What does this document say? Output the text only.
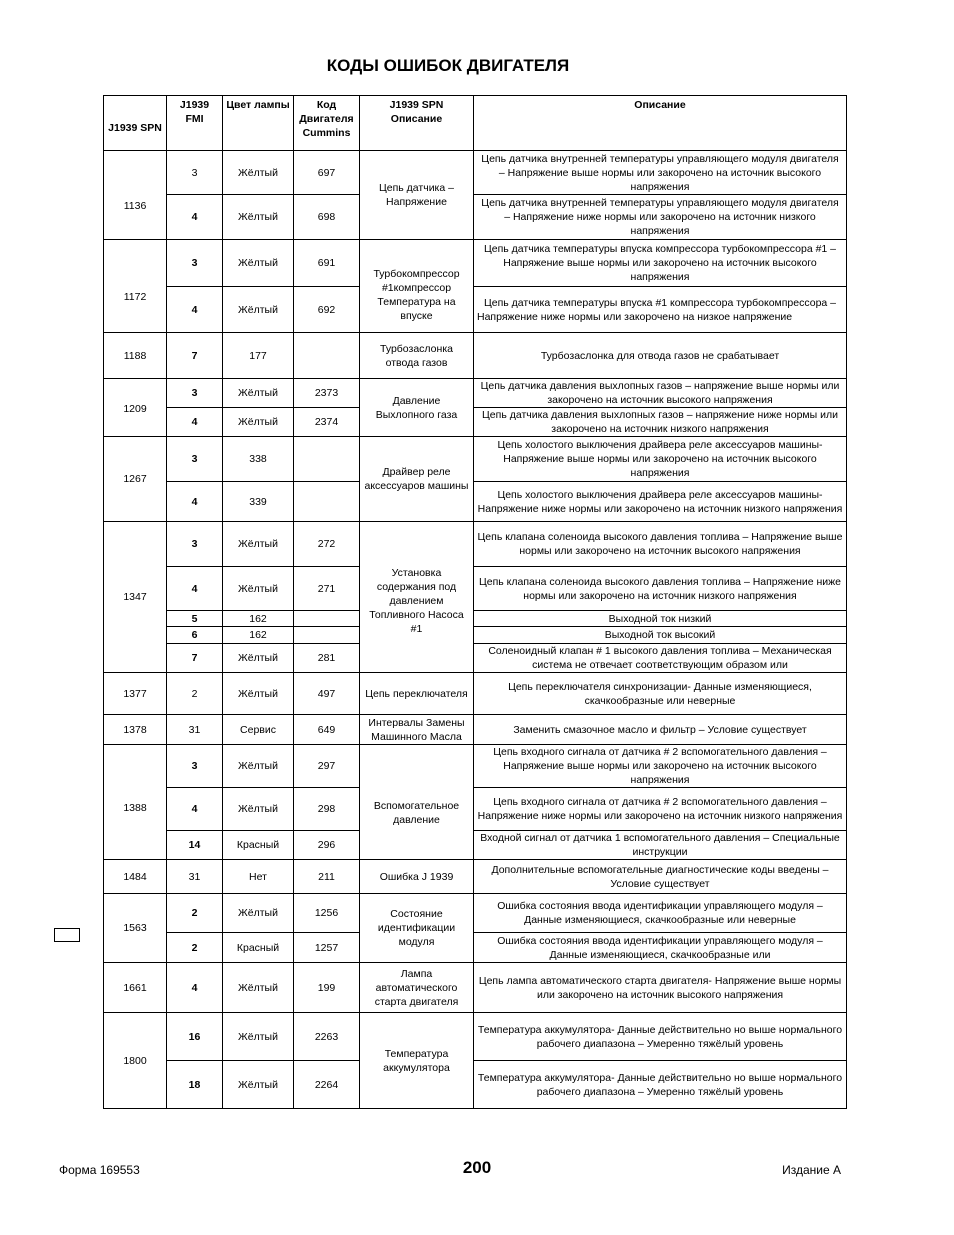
КОДЫ ОШИБОК ДВИГАТЕЛЯ
J1939 SPN	J1939 FMI	Цвет лампы	Код Двигателя Cummins	J1939 SPN Описание	Описание
1136	3	Жёлтый	697	Цепь датчика – Напряжение	Цепь датчика внутренней температуры управляющего модуля двигателя – Напряжение выше нормы или закорочено на источник высокого напряжения
	4	Жёлтый	698		Цепь датчика внутренней температуры управляющего модуля двигателя – Напряжение ниже нормы или закорочено на источник низкого напряжения
1172	3	Жёлтый	691	Турбокомпрессор #1компрессор Температура на впуске	Цепь датчика температуры впуска компрессора турбокомпрессора #1 –Напряжение выше нормы или закорочено на источник высокого напряжения
	4	Жёлтый	692		Цепь датчика температуры впуска #1 компрессора турбокомпрессора – Напряжение ниже нормы или закорочено на низкое напряжение
1188	7	177		Турбозаслонка отвода газов	Турбозаслонка для отвода газов не срабатывает
1209	3	Жёлтый	2373	Давление Выхлопного газа	Цепь датчика давления выхлопных газов – напряжение выше нормы или закорочено на источник высокого напряжения
	4	Жёлтый	2374		Цепь датчика давления выхлопных газов – напряжение ниже нормы или закорочено на источник низкого напряжения
1267	3	338		Драйвер реле аксессуаров машины	Цепь холостого выключения драйвера реле аксессуаров машины- Напряжение выше нормы или закорочено на источник высокого напряжения
	4	339			Цепь холостого выключения драйвера реле аксессуаров машины- Напряжение ниже нормы или закорочено на источник низкого напряжения
1347	3	Жёлтый	272	Установка содержания под давлением Топливного Насоса #1	Цепь клапана соленоида высокого давления топлива – Напряжение выше нормы или закорочено на источник высокого напряжения
	4	Жёлтый	271		Цепь клапана соленоида высокого давления топлива – Напряжение ниже нормы или закорочено на источник низкого напряжения
	5	162			Выходной ток низкий
	6	162			Выходной ток высокий
	7	Жёлтый	281		Соленоидный клапан # 1 высокого давления топлива – Механическая система не отвечает соответствующим образом или
1377	2	Жёлтый	497	Цепь переключателя	Цепь переключателя синхронизации- Данные изменяющиеся, скачкообразные или неверные
1378	31	Сервис	649	Интервалы Замены Машинного Масла	Заменить смазочное масло и фильтр – Условие существует
1388	3	Жёлтый	297	Вспомогательное давление	Цепь входного сигнала от датчика # 2 вспомогательного давления – Напряжение выше нормы или закорочено на источник высокого напряжения
	4	Жёлтый	298		Цепь входного сигнала от датчика # 2 вспомогательного давления – Напряжение ниже нормы или закорочено на источник низкого напряжения
	14	Красный	296		Входной сигнал от датчика 1 вспомогательного давления – Специальные инструкции
1484	31	Нет	211	Ошибка J 1939	Дополнительные вспомогательные диагностические коды введены – Условие существует
1563	2	Жёлтый	1256	Состояние идентификации модуля	Ошибка состояния ввода идентификации управляющего модуля – Данные изменяющиеся, скачкообразные или неверные
	2	Красный	1257		Ошибка состояния ввода идентификации управляющего модуля – Данные изменяющиеся, скачкообразные или
1661	4	Жёлтый	199	Лампа автоматического старта двигателя	Цепь лампа автоматического старта двигателя- Напряжение выше нормы или закорочено на источник высокого напряжения
1800	16	Жёлтый	2263	Температура аккумулятора	Температура аккумулятора- Данные действительно но выше нормального рабочего диапазона – Умеренно тяжёлый уровень
	18	Жёлтый	2264		Температура аккумулятора- Данные действительно но выше нормального рабочего диапазона – Умеренно тяжёлый уровень
Форма 169553	200	Издание А
